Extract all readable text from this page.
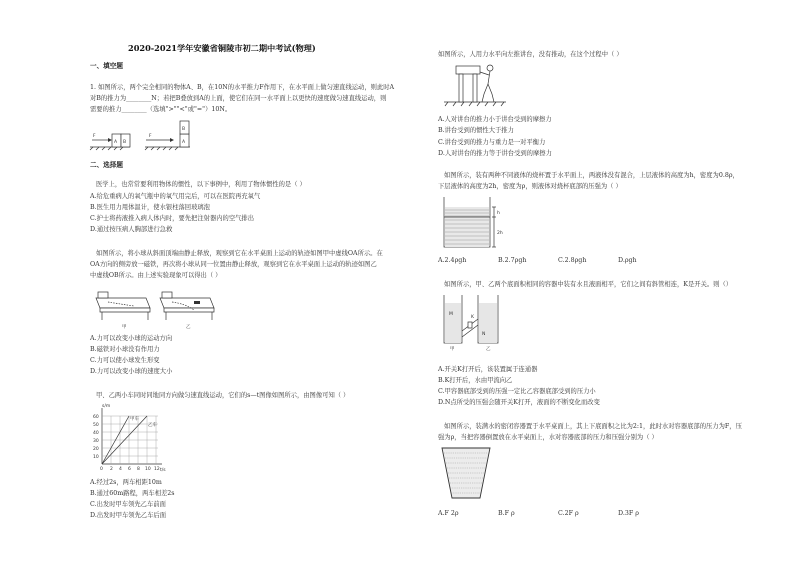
2020-2021学年安徽省铜陵市初二期中考试(物理)
一、填空题
1. 如图所示，两个完全相同的物体A、B，在10N的水平推力F作用下，在水平面上做匀速直线运动，则此时A
对B的推力为________N；若把B叠放到A的上面，使它们在同一水平面上以更快的速度做匀速直线运动，则
需要的推力________（选填">""<"或"="）10N。
F
A B
F
A
B
二、选择题
医学上，也常常要利用物体的惯性，以下事例中，利用了物体惯性的是（ ）
A.给危重病人的氧气瓶中的氧气用完后，可以在医院再充氧气
B.医生用力甩体温计，使水银柱落回玻璃泡
C.护士将药液推入病人体内时，要先把注射器内的空气排出
D.通过按压病人胸部进行急救
如图所示，将小球从斜面顶端由静止释放，观察到它在水平桌面上运动的轨迹如图甲中虚线OA所示。在
OA方向的侧旁放一磁铁，再次将小球从同一位置由静止释放，观察到它在水平桌面上运动的轨迹如图乙
中虚线OB所示。由上述实验现象可以得出（ ）
甲	乙
A.力可以改变小球的运动方向
B.磁铁对小球没有作用力
C.力可以使小球发生形变
D.力可以改变小球的速度大小
甲、乙两小车同时同地同方向做匀速直线运动，它们的s—t图像如图所示，由图像可知（ ）
s/m
t/s
60
50
40
30
20
10
0 2 4 6 8 10 12
甲车
乙车
A.经过2s，两车相距10m
B.通过60m路程，两车相差2s
C.出发时甲车领先乙车前面
D.出发时甲车领先乙车后面
如图所示，人用力水平向左推讲台，没有推动，在这个过程中（ ）
A.人对讲台的推力小于讲台受到的摩擦力
B.讲台受到的惯性大于推力
C.讲台受到的推力与重力是一对平衡力
D.人对讲台的推力等于讲台受到的摩擦力
如图所示，装有两种不同液体的烧杯置于水平面上，两液体没有混合，上层液体的高度为h，密度为0.8ρ，
下层液体的高度为2h，密度为ρ，则液体对烧杯底部的压强为（ ）
h
2h
A.2.4ρgh	B.2.7ρgh	C.2.8ρgh	D.ρgh
如图所示，甲、乙两个底面积相同的容器中装有水且液面相平，它们之间有斜管相连，K是开关。则（）
K
M
N
甲	乙
A.开关K打开后，该装置属于连通器
B.K打开后，水由甲流向乙
C.甲容器底部受到的压强一定比乙容器底部受到的压力小
D.N点所受的压强会随开关K打开，液面的不断变化而改变
如图所示，装满水的密闭容器置于水平桌面上，其上下底面积之比为2:1，此时水对容器底部的压力为F，压
强为ρ，当把容器倒置放在水平桌面上，水对容器底部的压力和压强分别为（ ）
A.F 2ρ	B.F ρ	C.2F ρ	D.3F ρ
